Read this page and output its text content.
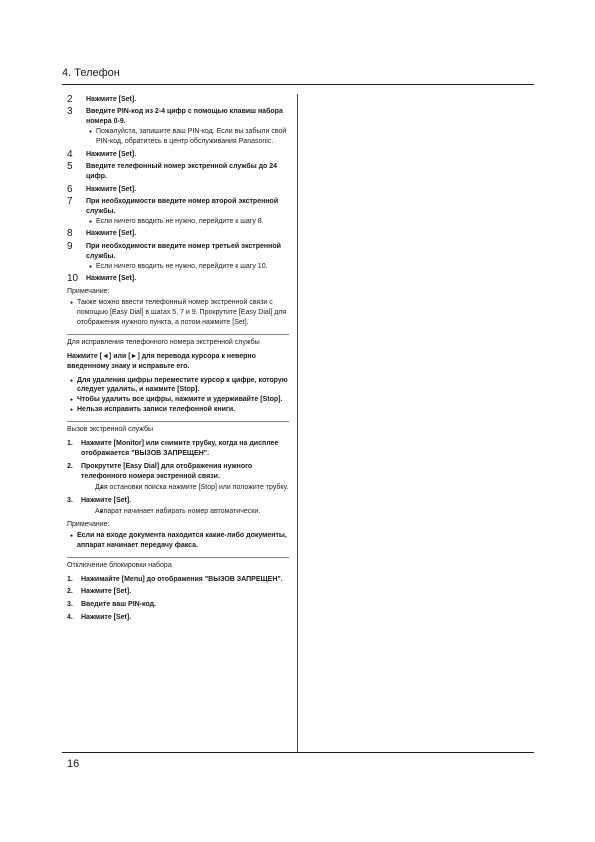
4. Телефон
2 Нажмите [Set].
3 Введите PIN-код из 2-4 цифр с помощью клавиш набора номера 0-9.
● Пожалуйста, запишите ваш PIN-код. Если вы забыли свой PIN-код, обратитесь в центр обслуживания Panasonic.
4 Нажмите [Set].
5 Введите телефонный номер экстренной службы до 24 цифр.
6 Нажмите [Set].
7 При необходимости введите номер второй экстренной службы.
● Если ничего вводить не нужно, перейдите к шагу 8.
8 Нажмите [Set].
9 При необходимости введите номер третьей экстренной службы.
● Если ничего вводить не нужно, перейдите к шагу 10.
10 Нажмите [Set].
Примечание:
● Также можно ввести телефонный номер экстренной связи с помощью [Easy Dial] в шагах 5, 7 и 9. Прокрутите [Easy Dial] для отображения нужного пункта, а потом нажмите [Set].
Для исправления телефонного номера экстренной службы
Нажмите [◄] или [►] для перевода курсора к неверно введенному знаку и исправьте его.
● Для удаления цифры переместите курсор к цифре, которую следует удалить, и нажмите [Stop].
● Чтобы удалить все цифры, нажмите и удерживайте [Stop].
● Нельзя исправить записи телефонной книги.
Вызов экстренной службы
1. Нажмите [Monitor] или снимите трубку, когда на дисплее отображается "ВЫЗОВ ЗАПРЕЩЕН".
2. Прокрутите [Easy Dial] для отображения нужного телефонного номера экстренной связи.
● Для остановки поиска нажмите [Stop] или положите трубку.
3. Нажмите [Set].
● Аппарат начинает набирать номер автоматически.
Примечание:
● Если на входе документа находится какие-либо документы, аппарат начинает передачу факса.
Отключение блокировки набора
1. Нажимайте [Menu] до отображения "ВЫЗОВ ЗАПРЕЩЕН".
2. Нажмите [Set].
3. Введите ваш PIN-код.
4. Нажмите [Set].
16
